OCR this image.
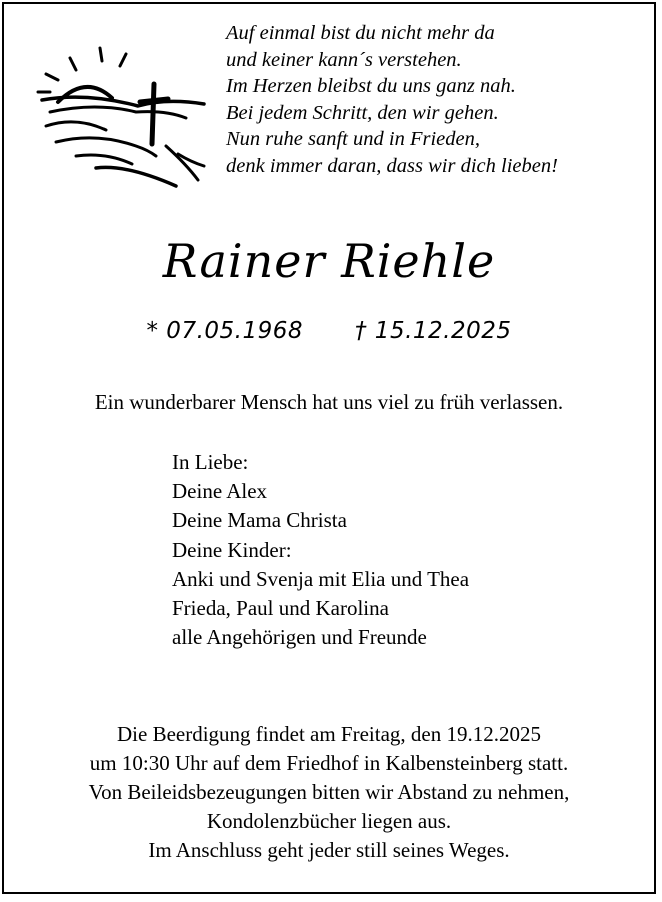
Auf einmal bist du nicht mehr da
und keiner kann´s verstehen.
Im Herzen bleibst du uns ganz nah.
Bei jedem Schritt, den wir gehen.
Nun ruhe sanft und in Frieden,
denk immer daran, dass wir dich lieben!
Rainer Riehle
* 07.05.1968 † 15.12.2025
Ein wunderbarer Mensch hat uns viel zu früh verlassen.
In Liebe:
Deine Alex
Deine Mama Christa
Deine Kinder:
Anki und Svenja mit Elia und Thea
Frieda, Paul und Karolina
alle Angehörigen und Freunde
Die Beerdigung findet am Freitag, den 19.12.2025
um 10:30 Uhr auf dem Friedhof in Kalbensteinberg statt.
Von Beileidsbezeugungen bitten wir Abstand zu nehmen,
Kondolenzbücher liegen aus.
Im Anschluss geht jeder still seines Weges.
